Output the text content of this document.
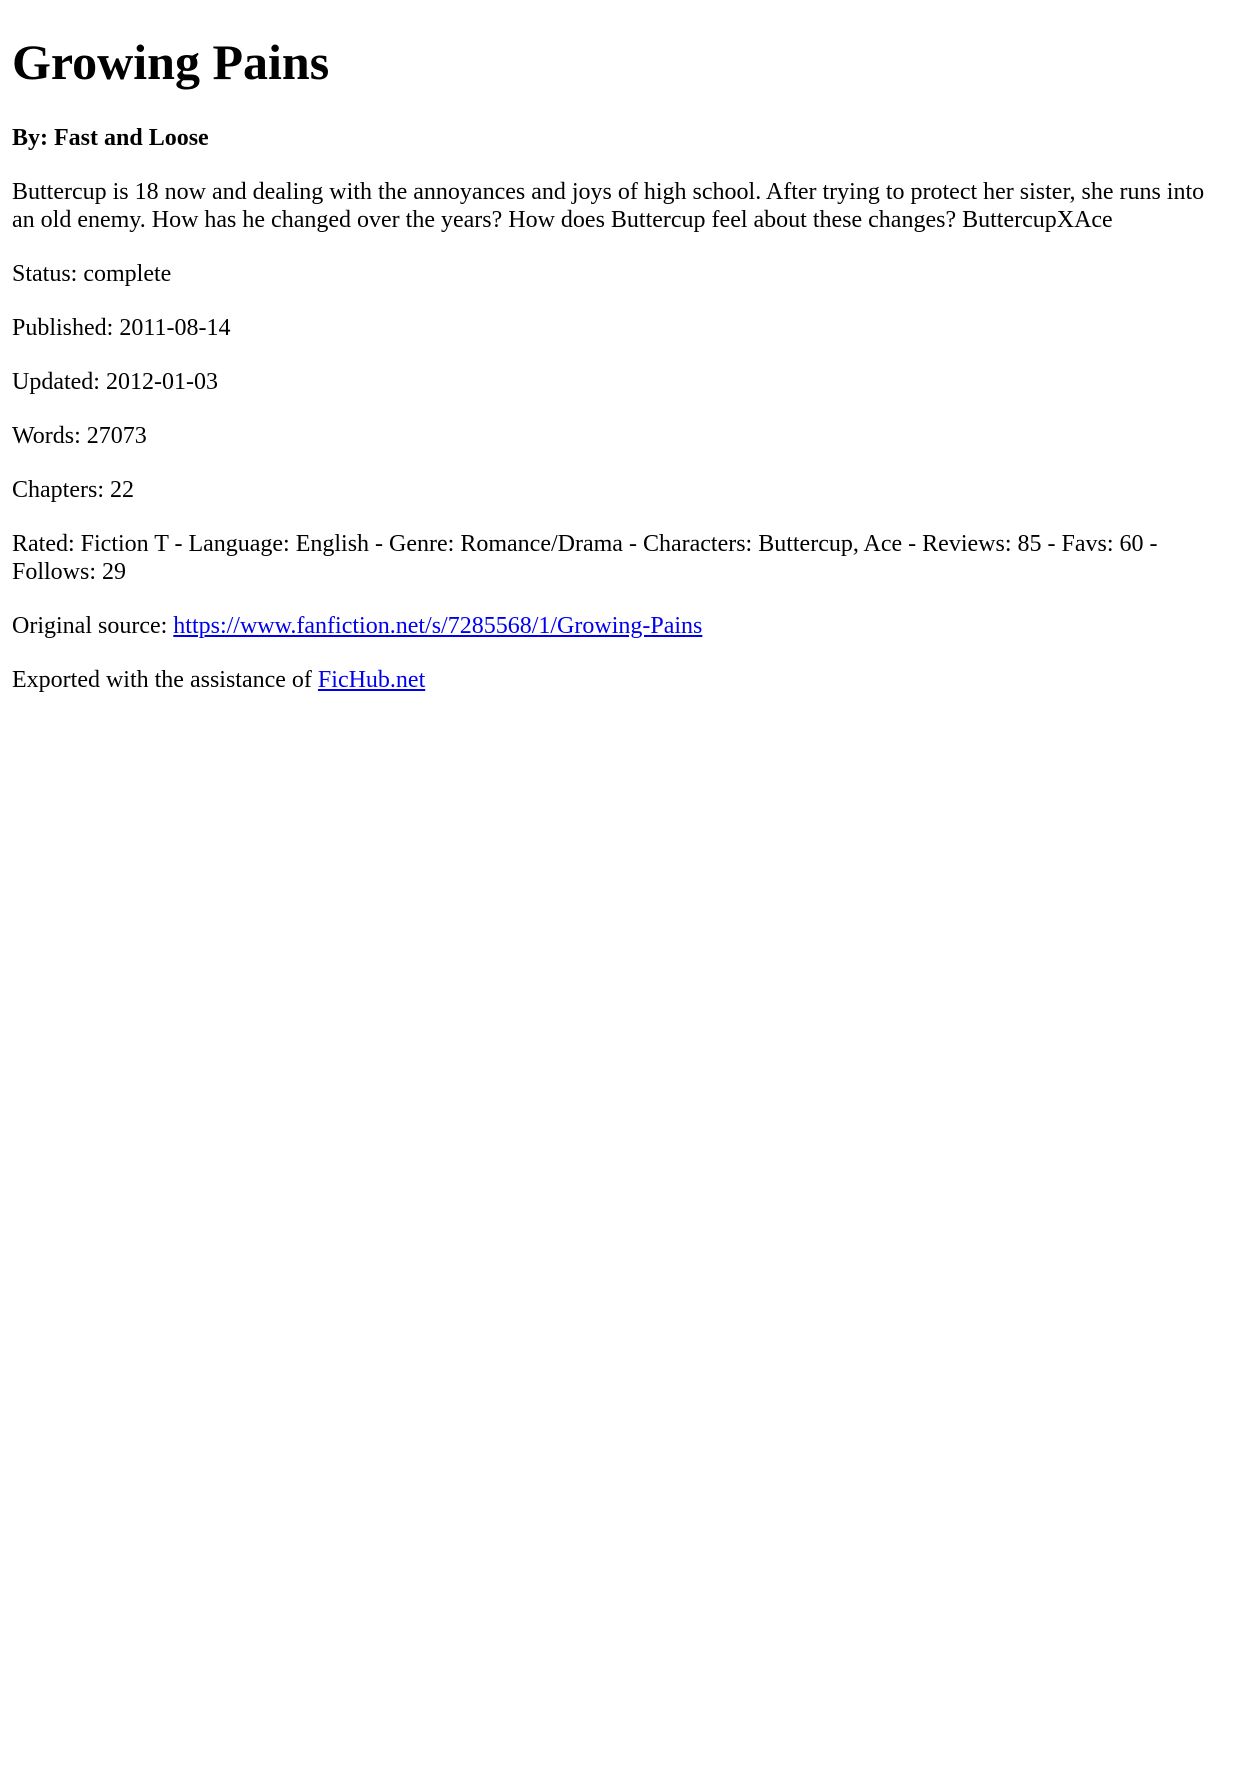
Growing Pains
By: Fast and Loose

Buttercup is 18 now and dealing with the annoyances and joys of high school. After trying to protect her sister, she runs into an old enemy. How has he changed over the years? How does Buttercup feel about these changes? ButtercupXAce

Status: complete

Published: 2011-08-14

Updated: 2012-01-03

Words: 27073

Chapters: 22

Rated: Fiction T - Language: English - Genre: Romance/Drama - Characters: Buttercup, Ace - Reviews: 85 - Favs: 60 - Follows: 29

Original source: https://www.fanfiction.net/s/7285568/1/Growing-Pains

Exported with the assistance of FicHub.net
